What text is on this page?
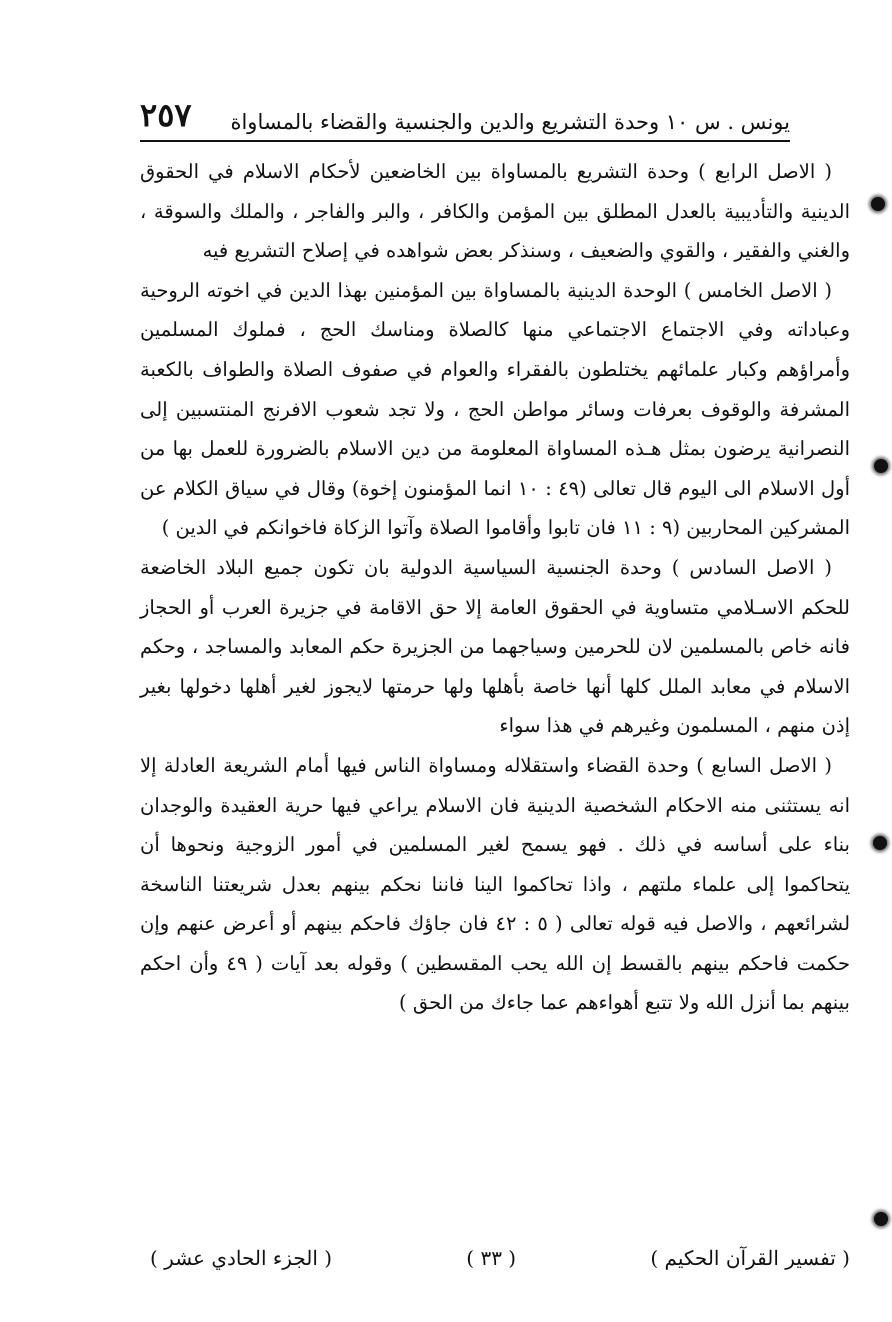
يونس . س ١٠ وحدة التشريع والدين والجنسية والقضاء بالمساواة
٢٥٧

( الاصل الرابع ) وحدة التشريع بالمساواة بين الخاضعين لأحكام الاسلام في الحقوق الدينية والتأديبية بالعدل المطلق بين المؤمن والكافر ، والبر والفاجر ، والملك والسوقة ، والغني والفقير ، والقوي والضعيف ، وسنذكر بعض شواهده في إصلاح التشريع فيه

( الاصل الخامس ) الوحدة الدينية بالمساواة بين المؤمنين بهذا الدين في اخوته الروحية وعباداته وفي الاجتماع الاجتماعي منها كالصلاة ومناسك الحج ، فملوك المسلمين وأمراؤهم وكبار علمائهم يختلطون بالفقراء والعوام في صفوف الصلاة والطواف بالكعبة المشرفة والوقوف بعرفات وسائر مواطن الحج ، ولا تجد شعوب الافرنج المنتسبين إلى النصرانية يرضون بمثل هـذه المساواة المعلومة من دين الاسلام بالضرورة للعمل بها من أول الاسلام الى اليوم قال تعالى (٤٩ : ١٠ انما المؤمنون إخوة) وقال في سياق الكلام عن المشركين المحاربين (٩ : ١١ فان تابوا وأقاموا الصلاة وآتوا الزكاة فاخوانكم في الدين )

( الاصل السادس ) وحدة الجنسية السياسية الدولية بان تكون جميع البلاد الخاضعة للحكم الاسـلامي متساوية في الحقوق العامة إلا حق الاقامة في جزيرة العرب أو الحجاز فانه خاص بالمسلمين لان للحرمين وسياجهما من الجزيرة حكم المعابد والمساجد ، وحكم الاسلام في معابد الملل كلها أنها خاصة بأهلها ولها حرمتها لايجوز لغير أهلها دخولها بغير إذن منهم ، المسلمون وغيرهم في هذا سواء

( الاصل السابع ) وحدة القضاء واستقلاله ومساواة الناس فيها أمام الشريعة العادلة إلا انه يستثنى منه الاحكام الشخصية الدينية فان الاسلام يراعي فيها حرية العقيدة والوجدان بناء على أساسه في ذلك . فهو يسمح لغير المسلمين في أمور الزوجية ونحوها أن يتحاكموا إلى علماء ملتهم ، واذا تحاكموا الينا فاننا نحكم بينهم بعدل شريعتنا الناسخة لشرائعهم ، والاصل فيه قوله تعالى ( ٥ : ٤٢ فان جاؤك فاحكم بينهم أو أعرض عنهم وإن حكمت فاحكم بينهم بالقسط إن الله يحب المقسطين ) وقوله بعد آيات ( ٤٩ وأن احكم بينهم بما أنزل الله ولا تتبع أهواءهم عما جاءك من الحق )

( تفسير القرآن الحكيم )
( ٣٣ )
( الجزء الحادي عشر )
